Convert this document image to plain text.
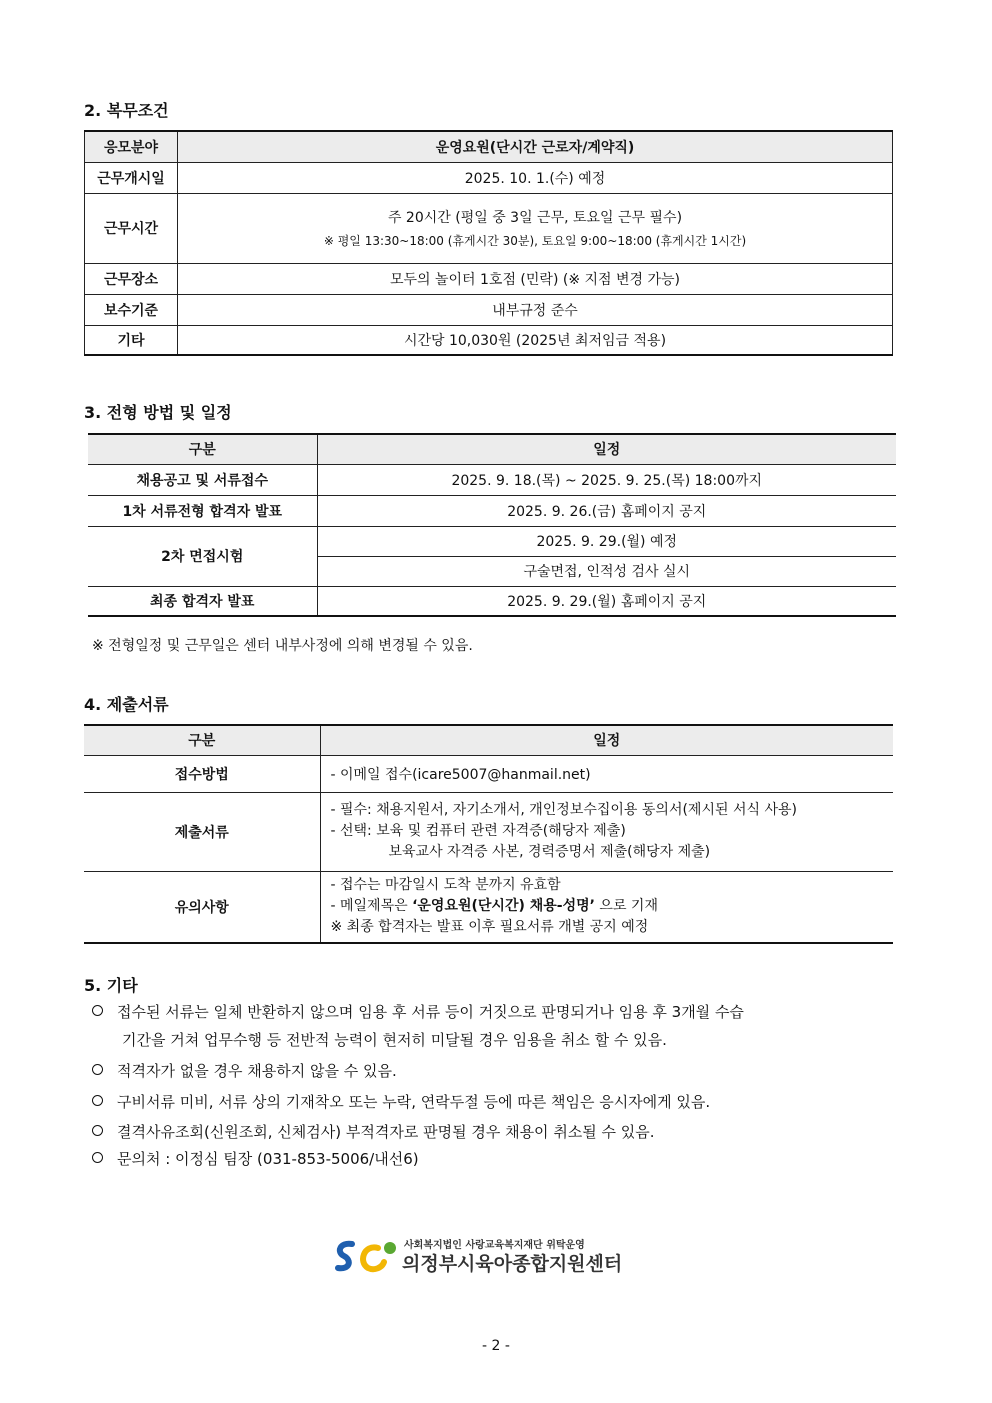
2. 복무조건
응모분야	운영요원(단시간 근로자/계약직)
근무개시일	2025. 10. 1.(수) 예정
근무시간	주 20시간 (평일 중 3일 근무, 토요일 근무 필수)
※ 평일 13:30~18:00 (휴게시간 30분), 토요일 9:00~18:00 (휴게시간 1시간)

근무장소	모두의 놀이터 1호점 (민락) (※ 지점 변경 가능)
보수기준	내부규정 준수
기타	시간당 10,030원 (2025년 최저임금 적용)
3. 전형 방법 및 일정
구분	일정
채용공고 및 서류접수	2025. 9. 18.(목) ~ 2025. 9. 25.(목) 18:00까지
1차 서류전형 합격자 발표	2025. 9. 26.(금) 홈페이지 공지
2차 면접시험	2025. 9. 29.(월) 예정
	구술면접, 인적성 검사 실시
최종 합격자 발표	2025. 9. 29.(월) 홈페이지 공지
※ 전형일정 및 근무일은 센터 내부사정에 의해 변경될 수 있음.
4. 제출서류
구분	일정
접수방법	- 이메일 접수(icare5007@hanmail.net)
제출서류	- 필수: 채용지원서, 자기소개서, 개인정보수집이용 동의서(제시된 서식 사용)
- 선택: 보육 및 컴퓨터 관련 자격증(해당자 제출)
보육교사 자격증 사본, 경력증명서 제출(해당자 제출)

유의사항	- 접수는 마감일시 도착 분까지 유효함
- 메일제목은 ‘운영요원(단시간) 채용-성명’ 으로 기재
※ 최종 합격자는 발표 이후 필요서류 개별 공지 예정
5. 기타
접수된 서류는 일체 반환하지 않으며 임용 후 서류 등이 거짓으로 판명되거나 임용 후 3개월 수습
기간을 거쳐 업무수행 등 전반적 능력이 현저히 미달될 경우 임용을 취소 할 수 있음.
적격자가 없을 경우 채용하지 않을 수 있음.
구비서류 미비, 서류 상의 기재착오 또는 누락, 연락두절 등에 따른 책임은 응시자에게 있음.
결격사유조회(신원조회, 신체검사) 부적격자로 판명될 경우 채용이 취소될 수 있음.
문의처 : 이정심 팀장 (031-853-5006/내선6)
사회복지법인 사랑교육복지재단 위탁운영
의정부시육아종합지원센터
- 2 -
